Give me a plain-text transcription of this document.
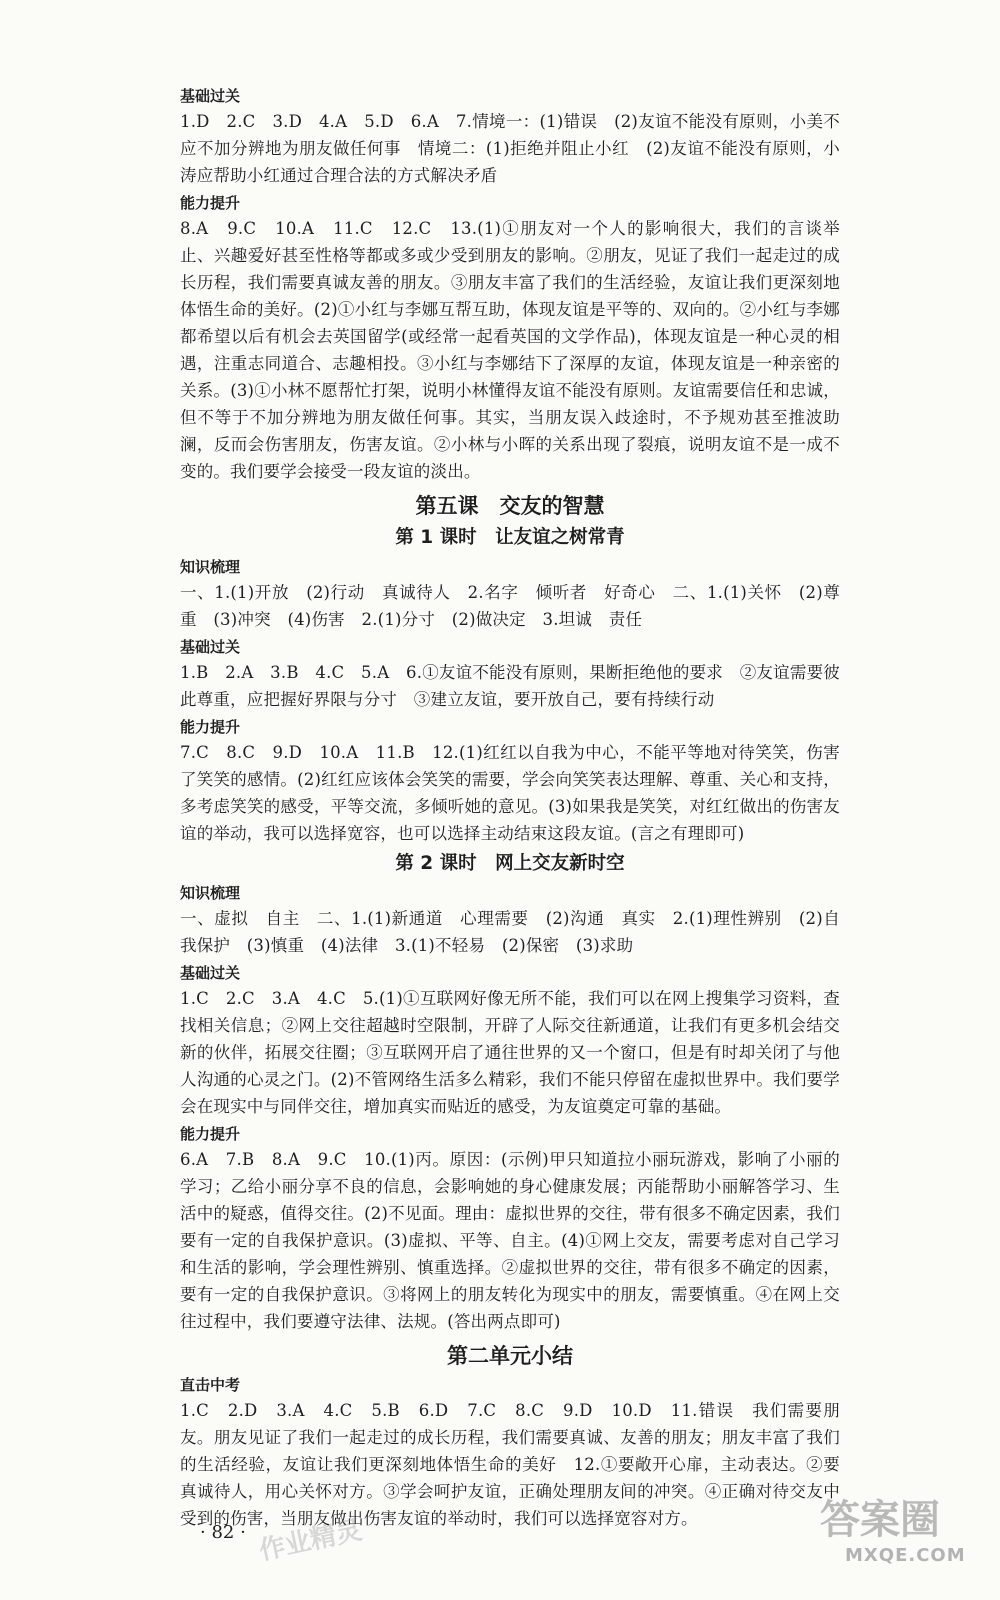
基础过关

1.D　2.C　3.D　4.A　5.D　6.A　7.情境一：(1)错误　(2)友谊不能没有原则，小美不应不加分辨地为朋友做任何事　情境二：(1)拒绝并阻止小红　(2)友谊不能没有原则，小涛应帮助小红通过合理合法的方式解决矛盾

能力提升

8.A　9.C　10.A　11.C　12.C　13.(1)①朋友对一个人的影响很大，我们的言谈举止、兴趣爱好甚至性格等都或多或少受到朋友的影响。②朋友，见证了我们一起走过的成长历程，我们需要真诚友善的朋友。③朋友丰富了我们的生活经验，友谊让我们更深刻地体悟生命的美好。(2)①小红与李娜互帮互助，体现友谊是平等的、双向的。②小红与李娜都希望以后有机会去英国留学(或经常一起看英国的文学作品)，体现友谊是一种心灵的相遇，注重志同道合、志趣相投。③小红与李娜结下了深厚的友谊，体现友谊是一种亲密的关系。(3)①小林不愿帮忙打架，说明小林懂得友谊不能没有原则。友谊需要信任和忠诚，但不等于不加分辨地为朋友做任何事。其实，当朋友误入歧途时，不予规劝甚至推波助澜，反而会伤害朋友，伤害友谊。②小林与小晖的关系出现了裂痕，说明友谊不是一成不变的。我们要学会接受一段友谊的淡出。

第五课　交友的智慧
第 1 课时　让友谊之树常青
知识梳理

一、1.(1)开放　(2)行动　真诚待人　2.名字　倾听者　好奇心　二、1.(1)关怀　(2)尊重　(3)冲突　(4)伤害　2.(1)分寸　(2)做决定　3.坦诚　责任

基础过关

1.B　2.A　3.B　4.C　5.A　6.①友谊不能没有原则，果断拒绝他的要求　②友谊需要彼此尊重，应把握好界限与分寸　③建立友谊，要开放自己，要有持续行动

能力提升

7.C　8.C　9.D　10.A　11.B　12.(1)红红以自我为中心，不能平等地对待笑笑，伤害了笑笑的感情。(2)红红应该体会笑笑的需要，学会向笑笑表达理解、尊重、关心和支持，多考虑笑笑的感受，平等交流，多倾听她的意见。(3)如果我是笑笑，对红红做出的伤害友谊的举动，我可以选择宽容，也可以选择主动结束这段友谊。(言之有理即可)

第 2 课时　网上交友新时空
知识梳理

一、虚拟　自主　二、1.(1)新通道　心理需要　(2)沟通　真实　2.(1)理性辨别　(2)自我保护　(3)慎重　(4)法律　3.(1)不轻易　(2)保密　(3)求助

基础过关

1.C　2.C　3.A　4.C　5.(1)①互联网好像无所不能，我们可以在网上搜集学习资料，查找相关信息；②网上交往超越时空限制，开辟了人际交往新通道，让我们有更多机会结交新的伙伴，拓展交往圈；③互联网开启了通往世界的又一个窗口，但是有时却关闭了与他人沟通的心灵之门。(2)不管网络生活多么精彩，我们不能只停留在虚拟世界中。我们要学会在现实中与同伴交往，增加真实而贴近的感受，为友谊奠定可靠的基础。

能力提升

6.A　7.B　8.A　9.C　10.(1)丙。原因：(示例)甲只知道拉小丽玩游戏，影响了小丽的学习；乙给小丽分享不良的信息，会影响她的身心健康发展；丙能帮助小丽解答学习、生活中的疑惑，值得交往。(2)不见面。理由：虚拟世界的交往，带有很多不确定因素，我们要有一定的自我保护意识。(3)虚拟、平等、自主。(4)①网上交友，需要考虑对自己学习和生活的影响，学会理性辨别、慎重选择。②虚拟世界的交往，带有很多不确定的因素，要有一定的自我保护意识。③将网上的朋友转化为现实中的朋友，需要慎重。④在网上交往过程中，我们要遵守法律、法规。(答出两点即可)

第二单元小结
直击中考

1.C　2.D　3.A　4.C　5.B　6.D　7.C　8.C　9.D　10.D　11.错误　我们需要朋友。朋友见证了我们一起走过的成长历程，我们需要真诚、友善的朋友；朋友丰富了我们的生活经验，友谊让我们更深刻地体悟生命的美好　12.①要敞开心扉，主动表达。②要真诚待人，用心关怀对方。③学会呵护友谊，正确处理朋友间的冲突。④正确对待交友中受到的伤害，当朋友做出伤害友谊的举动时，我们可以选择宽容对方。

· 82 · 作业精灵	答案圈
MXQE.COM
